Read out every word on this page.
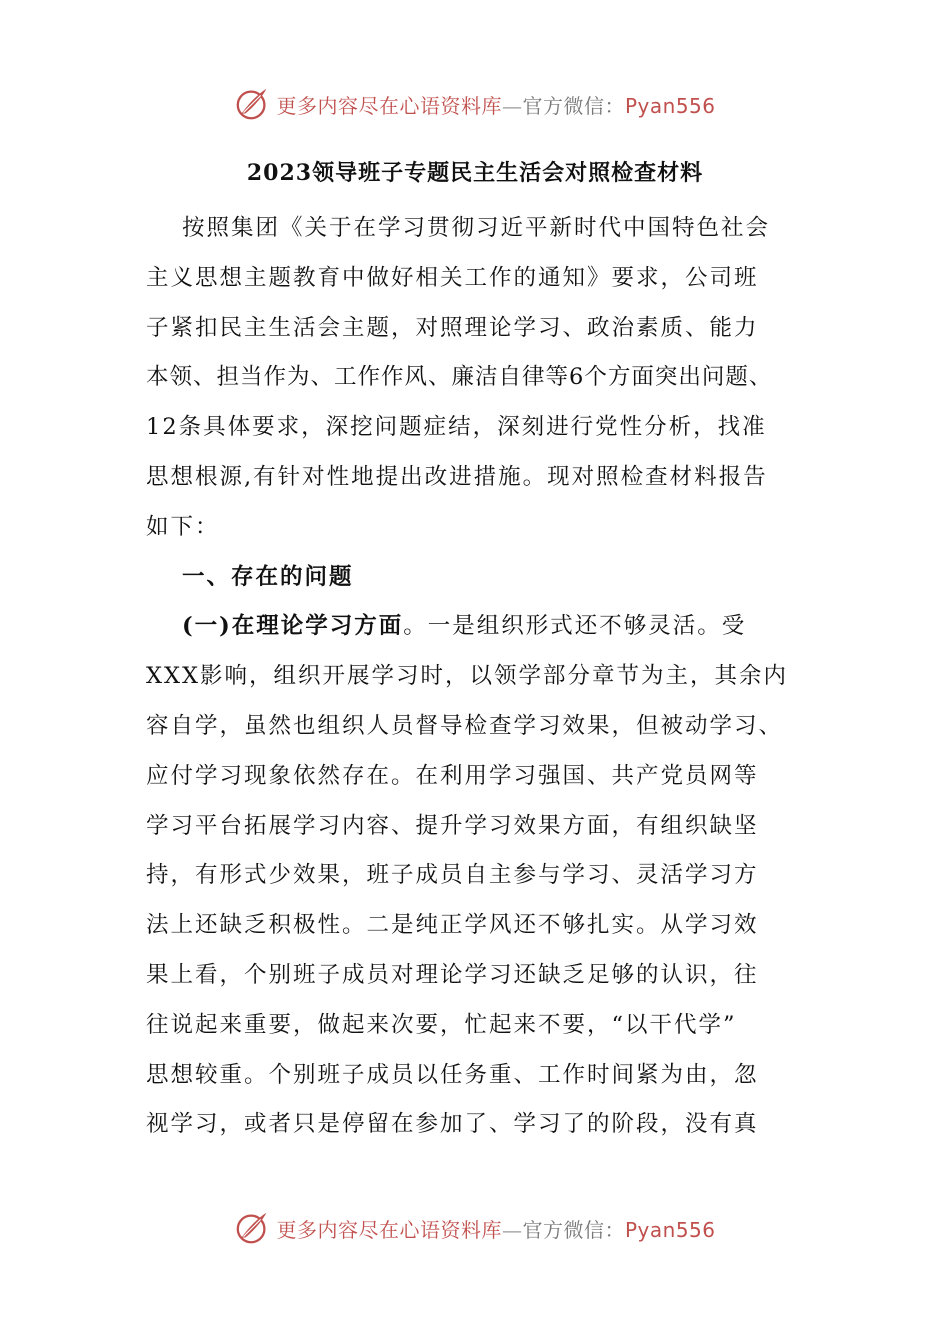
更多内容尽在心语资料库—官方微信：Pyan556
2023领导班子专题民主生活会对照检查材料
按照集团《关于在学习贯彻习近平新时代中国特色社会
主义思想主题教育中做好相关工作的通知》要求，公司班
子紧扣民主生活会主题，对照理论学习、政治素质、能力
本领、担当作为、工作作风、廉洁自律等6个方面突出问题、
12条具体要求，深挖问题症结，深刻进行党性分析，找准
思想根源,有针对性地提出改进措施。现对照检查材料报告
如下：
一、存在的问题
(一)在理论学习方面。一是组织形式还不够灵活。受
XXX影响，组织开展学习时，以领学部分章节为主，其余内
容自学，虽然也组织人员督导检查学习效果，但被动学习、
应付学习现象依然存在。在利用学习强国、共产党员网等
学习平台拓展学习内容、提升学习效果方面，有组织缺坚
持，有形式少效果，班子成员自主参与学习、灵活学习方
法上还缺乏积极性。二是纯正学风还不够扎实。从学习效
果上看，个别班子成员对理论学习还缺乏足够的认识，往
往说起来重要，做起来次要，忙起来不要，“以干代学”
思想较重。个别班子成员以任务重、工作时间紧为由，忽
视学习，或者只是停留在参加了、学习了的阶段，没有真
更多内容尽在心语资料库—官方微信：Pyan556
